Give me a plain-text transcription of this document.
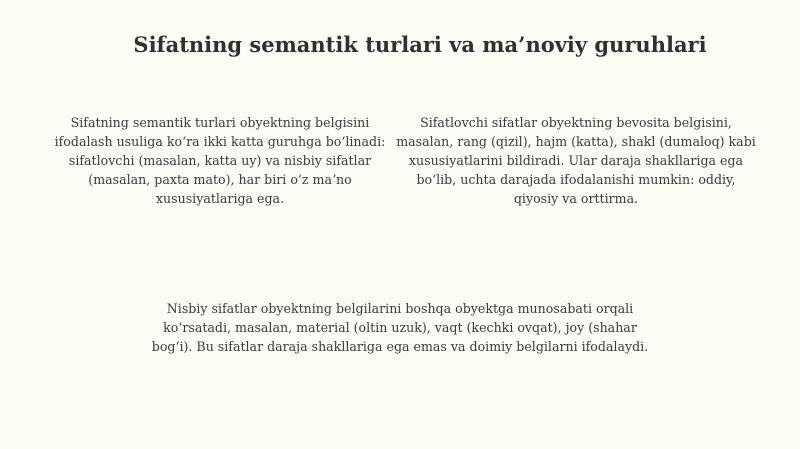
Sifatning semantik turlari va ma’noviy guruhlari

Sifatning semantik turlari obyektning belgisini ifodalash usuliga koʻra ikki katta guruhga boʻlinadi: sifatlovchi (masalan, katta uy) va nisbiy sifatlar (masalan, paxta mato), har biri oʻz maʼno xususiyatlariga ega.

Sifatlovchi sifatlar obyektning bevosita belgisini, masalan, rang (qizil), hajm (katta), shakl (dumaloq) kabi xususiyatlarini bildiradi. Ular daraja shakllariga ega boʻlib, uchta darajada ifodalanishi mumkin: oddiy, qiyosiy va orttirma.

Nisbiy sifatlar obyektning belgilarini boshqa obyektga munosabati orqali koʻrsatadi, masalan, material (oltin uzuk), vaqt (kechki ovqat), joy (shahar bogʻi). Bu sifatlar daraja shakllariga ega emas va doimiy belgilarni ifodalaydi.
